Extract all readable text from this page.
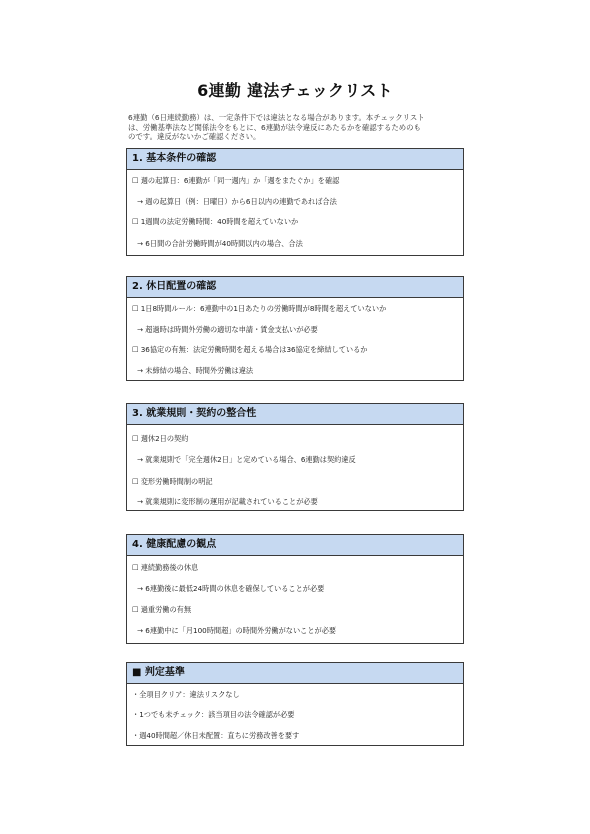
6連勤 違法チェックリスト
6連勤（6日連続勤務）は、一定条件下では違法となる場合があります。本チェックリスト
は、労働基準法など関係法令をもとに、6連勤が法令違反にあたるかを確認するためのも
のです。違反がないかご確認ください。
1. 基本条件の確認
☐ 週の起算日：6連勤が「同一週内」か「週をまたぐか」を確認
→ 週の起算日（例：日曜日）から6日以内の連勤であれば合法
☐ 1週間の法定労働時間：40時間を超えていないか
→ 6日間の合計労働時間が40時間以内の場合、合法
2. 休日配置の確認
☐ 1日8時間ルール：6連勤中の1日あたりの労働時間が8時間を超えていないか
→ 超過時は時間外労働の適切な申請・賃金支払いが必要
☐ 36協定の有無：法定労働時間を超える場合は36協定を締結しているか
→ 未締結の場合、時間外労働は違法
3. 就業規則・契約の整合性
☐ 週休2日の契約
→ 就業規則で「完全週休2日」と定めている場合、6連勤は契約違反
☐ 変形労働時間制の明記
→ 就業規則に変形制の運用が記載されていることが必要
4. 健康配慮の観点
☐ 連続勤務後の休息
→ 6連勤後に最低24時間の休息を確保していることが必要
☐ 過重労働の有無
→ 6連勤中に「月100時間超」の時間外労働がないことが必要
■ 判定基準
・全項目クリア：違法リスクなし
・1つでも未チェック：該当項目の法令確認が必要
・週40時間超／休日未配置：直ちに労務改善を要す
